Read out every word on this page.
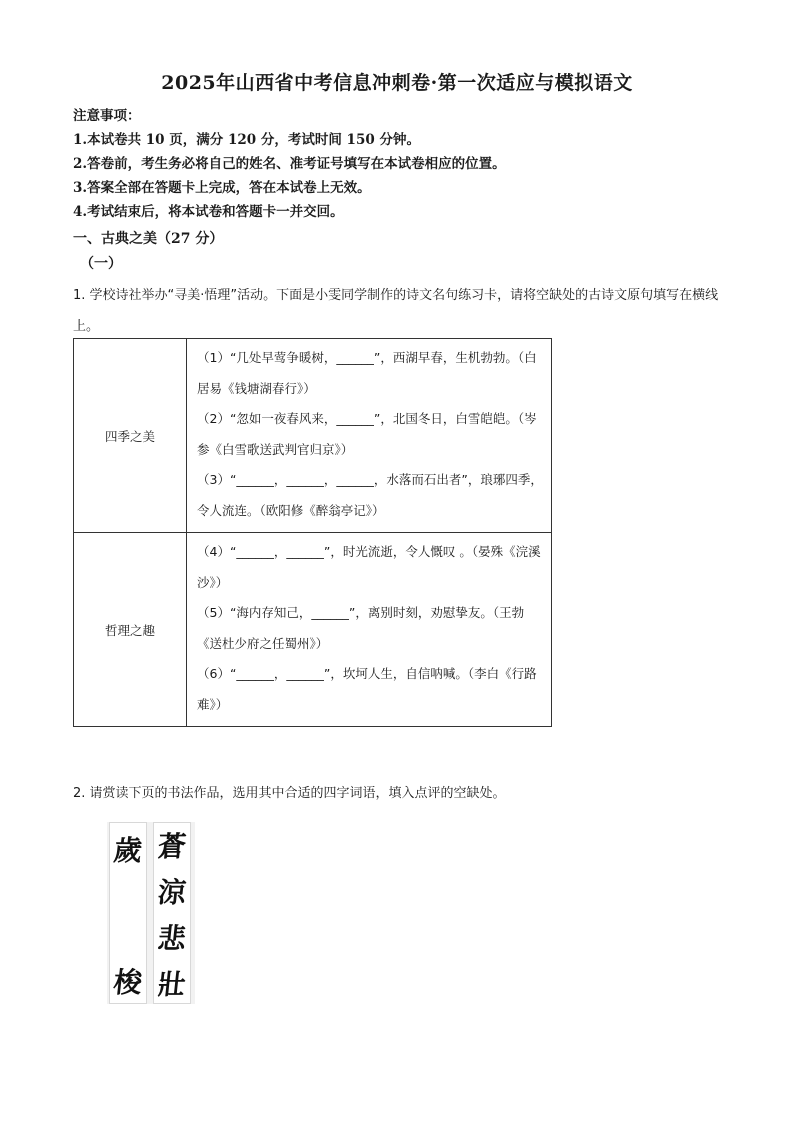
2025年山西省中考信息冲刺卷·第一次适应与模拟语文
注意事项：
1.本试卷共 10 页，满分 120 分，考试时间 150 分钟。
2.答卷前，考生务必将自己的姓名、准考证号填写在本试卷相应的位置。
3.答案全部在答题卡上完成，答在本试卷上无效。
4.考试结束后，将本试卷和答题卡一并交回。
一、古典之美（27 分）
（一）
1. 学校诗社举办“寻美·悟理”活动。下面是小雯同学制作的诗文名句练习卡，请将空缺处的古诗文原句填写在横线上。
四季之美	（1）“几处早莺争暖树，______”，西湖早春，生机勃勃。（白居易《钱塘湖春行》）
（2）“忽如一夜春风来，______”，北国冬日，白雪皑皑。（岑参《白雪歌送武判官归京》）
（3）“______，______，______，水落而石出者”，琅琊四季，令人流连。（欧阳修《醉翁亭记》）

哲理之趣	（4）“______，______”，时光流逝，令人慨叹 。（晏殊《浣溪沙》）
（5）“海内存知己，______”，离别时刻，劝慰挚友。（王勃《送杜少府之任蜀州》）
（6）“______，______”，坎坷人生，自信呐喊。（李白《行路难》）
2. 请赏读下页的书法作品，选用其中合适的四字词语，填入点评的空缺处。
歲
梭
蒼
涼
悲
壯
